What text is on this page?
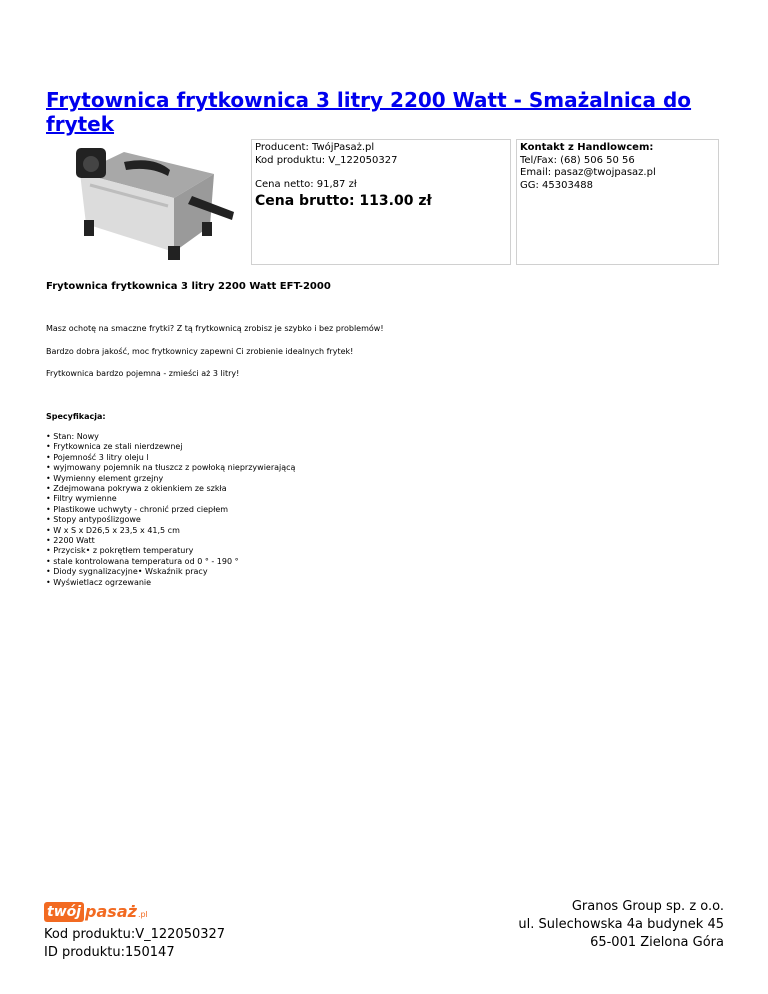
Frytownica frytkownica 3 litry 2200 Watt - Smażalnica do frytek
Producent: TwójPasaż.pl
Kod produktu: V_122050327
Cena netto: 91,87 zł
Cena brutto: 113.00 zł
Kontakt z Handlowcem:
Tel/Fax: (68) 506 50 56
Email: pasaz@twojpasaz.pl
GG: 45303488
Frytownica frytkownica 3 litry 2200 Watt EFT-2000
Masz ochotę na smaczne frytki? Z tą frytkownicą zrobisz je szybko i bez problemów!
Bardzo dobra jakość, moc frytkownicy zapewni Ci zrobienie idealnych frytek!
Frytkownica bardzo pojemna - zmieści aż 3 litry!
Specyfikacja:
• Stan: Nowy
• Frytkownica ze stali nierdzewnej
• Pojemność 3 litry oleju l
• wyjmowany pojemnik na tłuszcz z powłoką nieprzywierającą
• Wymienny element grzejny
• Zdejmowana pokrywa z okienkiem ze szkła
• Filtry wymienne
• Plastikowe uchwyty - chronić przed ciepłem
• Stopy antypoślizgowe
• W x S x D26,5 x 23,5 x 41,5 cm
• 2200 Watt
• Przycisk• z pokrętłem temperatury
• stale kontrolowana temperatura od 0 ° - 190 °
• Diody sygnalizacyjne• Wskaźnik pracy
• Wyświetlacz ogrzewanie
twój pasaż .pl
Kod produktu:V_122050327
ID produktu:150147
Granos Group sp. z o.o.
ul. Sulechowska 4a budynek 45
65-001 Zielona Góra
